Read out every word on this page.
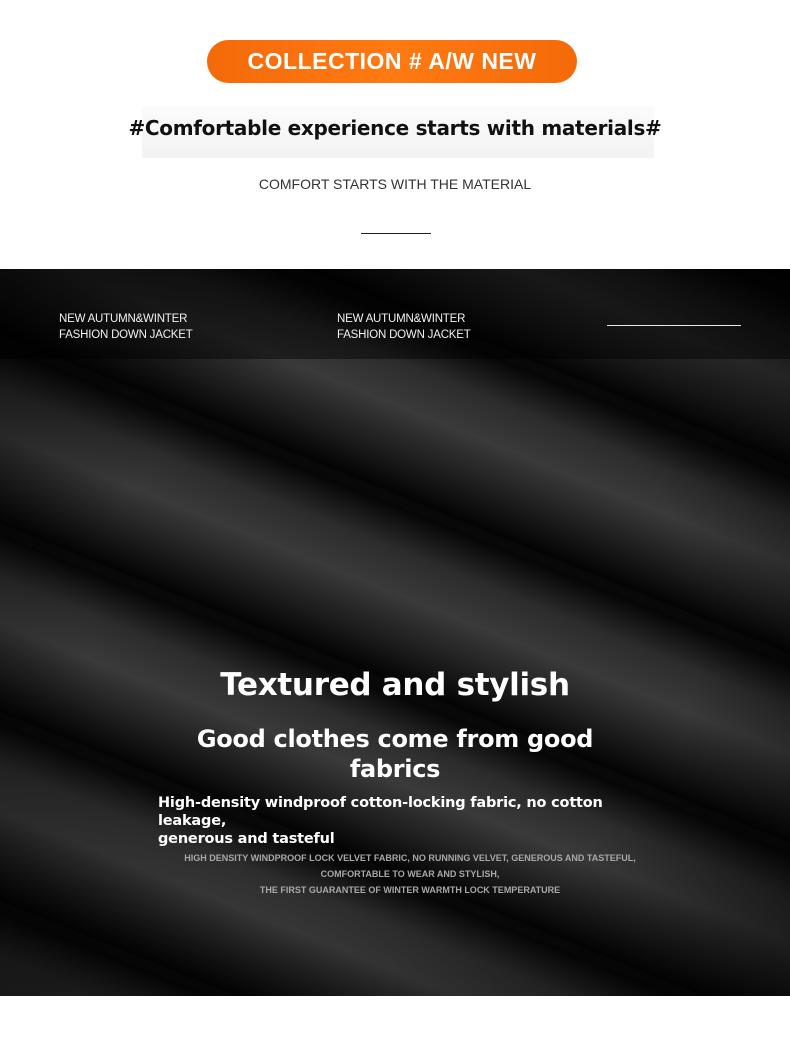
COLLECTION # A/W NEW
#Comfortable experience starts with materials#
COMFORT STARTS WITH THE MATERIAL
NEW AUTUMN&WINTER
FASHION DOWN JACKET
NEW AUTUMN&WINTER
FASHION DOWN JACKET
Textured and stylish
Good clothes come from good
fabrics
High-density windproof cotton-locking fabric, no cotton leakage,
generous and tasteful
HIGH DENSITY WINDPROOF LOCK VELVET FABRIC, NO RUNNING VELVET, GENEROUS AND TASTEFUL,
COMFORTABLE TO WEAR AND STYLISH,
THE FIRST GUARANTEE OF WINTER WARMTH LOCK TEMPERATURE
